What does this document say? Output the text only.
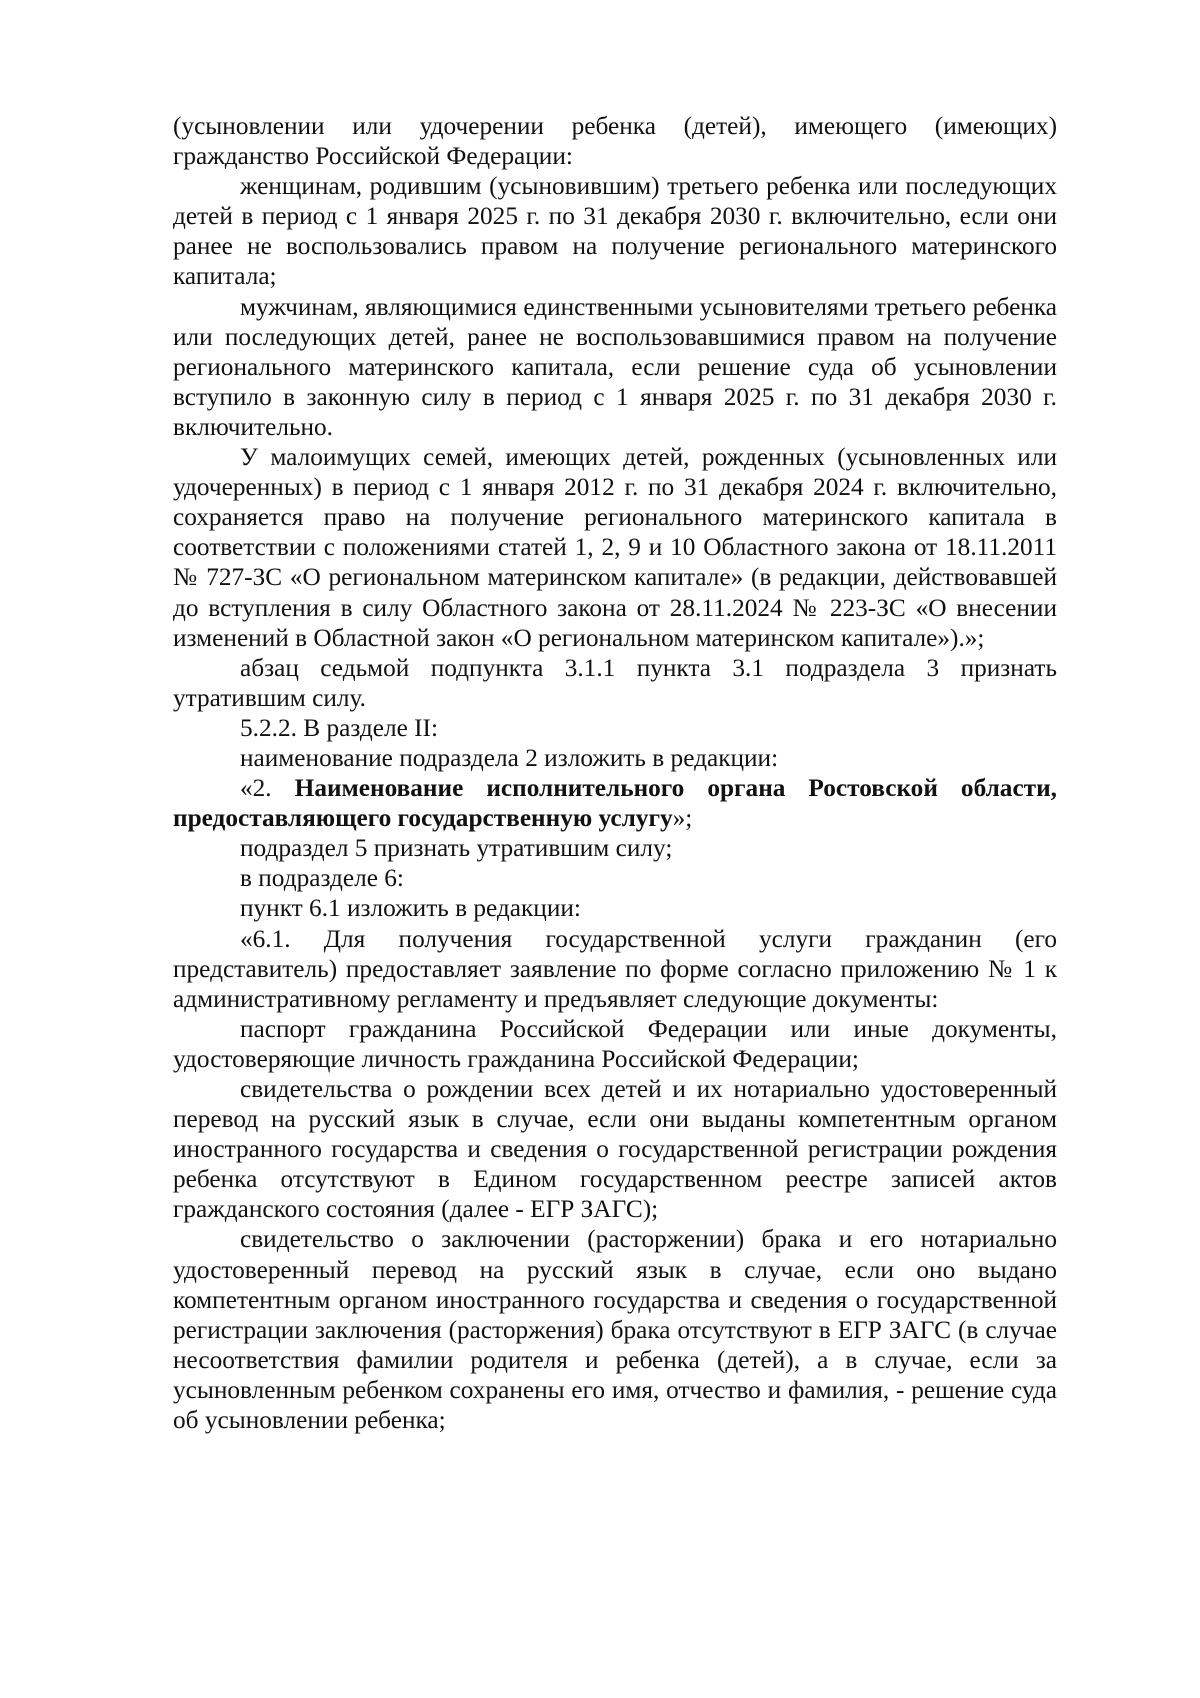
(усыновлении или удочерении ребенка (детей), имеющего (имеющих) гражданство Российской Федерации:

женщинам, родившим (усыновившим) третьего ребенка или последующих детей в период с 1 января 2025 г. по 31 декабря 2030 г. включительно, если они ранее не воспользовались правом на получение регионального материнского капитала;

мужчинам, являющимися единственными усыновителями третьего ребенка или последующих детей, ранее не воспользовавшимися правом на получение регионального материнского капитала, если решение суда об усыновлении вступило в законную силу в период с 1 января 2025 г. по 31 декабря 2030 г. включительно.

У малоимущих семей, имеющих детей, рожденных (усыновленных или удочеренных) в период с 1 января 2012 г. по 31 декабря 2024 г. включительно, сохраняется право на получение регионального материнского капитала в соответствии с положениями статей 1, 2, 9 и 10 Областного закона от 18.11.2011 № 727-ЗС «О региональном материнском капитале» (в редакции, действовавшей до вступления в силу Областного закона от 28.11.2024 № 223-ЗС «О внесении изменений в Областной закон «О региональном материнском капитале»).»;

абзац седьмой подпункта 3.1.1 пункта 3.1 подраздела 3 признать утратившим силу.

5.2.2. В разделе II:

наименование подраздела 2 изложить в редакции:

«2. Наименование исполнительного органа Ростовской области, предоставляющего государственную услугу»;

подраздел 5 признать утратившим силу;

в подразделе 6:

пункт 6.1 изложить в редакции:

«6.1. Для получения государственной услуги гражданин (его представитель) предоставляет заявление по форме согласно приложению № 1 к административному регламенту и предъявляет следующие документы:

паспорт гражданина Российской Федерации или иные документы, удостоверяющие личность гражданина Российской Федерации;

свидетельства о рождении всех детей и их нотариально удостоверенный перевод на русский язык в случае, если они выданы компетентным органом иностранного государства и сведения о государственной регистрации рождения ребенка отсутствуют в Едином государственном реестре записей актов гражданского состояния (далее - ЕГР ЗАГС);

свидетельство о заключении (расторжении) брака и его нотариально удостоверенный перевод на русский язык в случае, если оно выдано компетентным органом иностранного государства и сведения о государственной регистрации заключения (расторжения) брака отсутствуют в ЕГР ЗАГС (в случае несоответствия фамилии родителя и ребенка (детей), а в случае, если за усыновленным ребенком сохранены его имя, отчество и фамилия, - решение суда об усыновлении ребенка;
